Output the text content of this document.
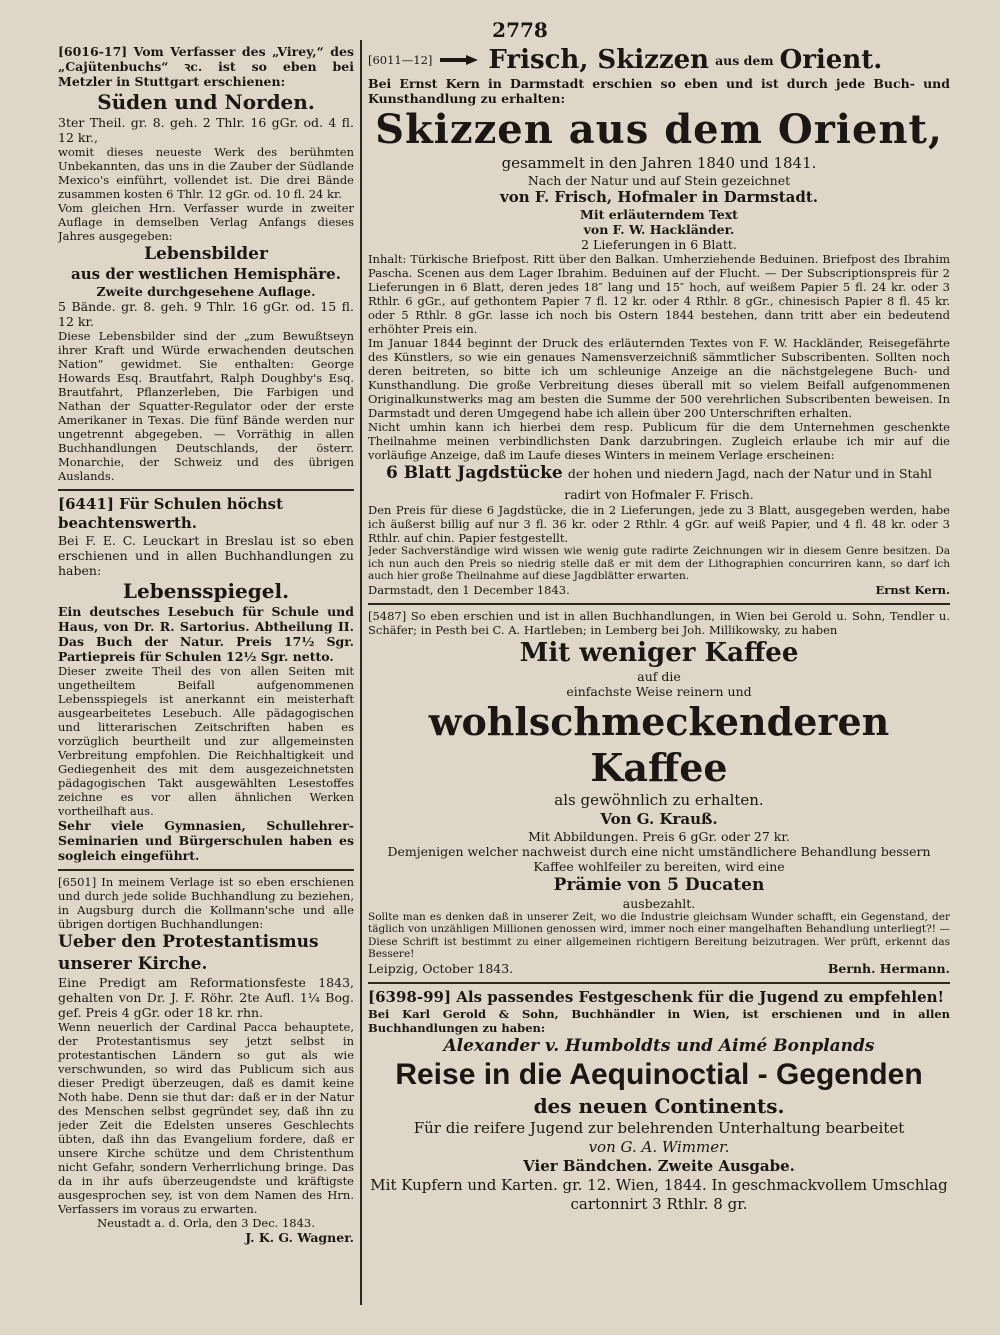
2778

[6016-17] Vom Verfasser des „Virey,“ des „Cajütenbuchs“ ꝛc. ist so eben bei Metzler in Stuttgart erschienen:

Süden und Norden.

3ter Theil. gr. 8. geh. 2 Thlr. 16 gGr. od. 4 fl. 12 kr.,

womit dieses neueste Werk des berühmten Unbekannten, das uns in die Zauber der Südlande Mexico's einführt, vollendet ist. Die drei Bände zusammen kosten 6 Thlr. 12 gGr. od. 10 fl. 24 kr.

Vom gleichen Hrn. Verfasser wurde in zweiter Auflage in demselben Verlag Anfangs dieses Jahres ausgegeben:

Lebensbilder

aus der westlichen Hemisphäre.

Zweite durchgesehene Auflage.

5 Bände. gr. 8. geh. 9 Thlr. 16 gGr. od. 15 fl. 12 kr.

Diese Lebensbilder sind der „zum Bewußtseyn ihrer Kraft und Würde erwachenden deutschen Nation“ gewidmet. Sie enthalten: George Howards Esq. Brautfahrt, Ralph Doughby's Esq. Brautfahrt, Pflanzerleben, Die Farbigen und Nathan der Squatter-Regulator oder der erste Amerikaner in Texas. Die fünf Bände werden nur ungetrennt abgegeben. — Vorräthig in allen Buchhandlungen Deutschlands, der österr. Monarchie, der Schweiz und des übrigen Auslands.

[6441] Für Schulen höchst beachtenswerth.

Bei F. E. C. Leuckart in Breslau ist so eben erschienen und in allen Buchhandlungen zu haben:

Lebensspiegel.

Ein deutsches Lesebuch für Schule und Haus, von Dr. R. Sartorius. Abtheilung II. Das Buch der Natur. Preis 17½ Sgr. Partiepreis für Schulen 12½ Sgr. netto.

Dieser zweite Theil des von allen Seiten mit ungetheiltem Beifall aufgenommenen Lebensspiegels ist anerkannt ein meisterhaft ausgearbeitetes Lesebuch. Alle pädagogischen und litterarischen Zeitschriften haben es vorzüglich beurtheilt und zur allgemeinsten Verbreitung empfohlen. Die Reichhaltigkeit und Gediegenheit des mit dem ausgezeichnetsten pädagogischen Takt ausgewählten Lesestoffes zeichne es vor allen ähnlichen Werken vortheilhaft aus.

Sehr viele Gymnasien, Schullehrer-Seminarien und Bürgerschulen haben es sogleich eingeführt.

[6501] In meinem Verlage ist so eben erschienen und durch jede solide Buchhandlung zu beziehen, in Augsburg durch die Kollmann'sche und alle übrigen dortigen Buchhandlungen:

Ueber den Protestantismus unserer Kirche.

Eine Predigt am Reformationsfeste 1843, gehalten von Dr. J. F. Röhr. 2te Aufl. 1¼ Bog. gef. Preis 4 gGr. oder 18 kr. rhn.

Wenn neuerlich der Cardinal Pacca behauptete, der Protestantismus sey jetzt selbst in protestantischen Ländern so gut als wie verschwunden, so wird das Publicum sich aus dieser Predigt überzeugen, daß es damit keine Noth habe. Denn sie thut dar: daß er in der Natur des Menschen selbst gegründet sey, daß ihn zu jeder Zeit die Edelsten unseres Geschlechts übten, daß ihn das Evangelium fordere, daß er unsere Kirche schütze und dem Christenthum nicht Gefahr, sondern Verherrlichung bringe. Das da in ihr aufs überzeugendste und kräftigste ausgesprochen sey, ist von dem Namen des Hrn. Verfassers im voraus zu erwarten.

Neustadt a. d. Orla, den 3 Dec. 1843.

J. K. G. Wagner.

[6011—12] Frisch, Skizzen aus dem Orient.

Bei Ernst Kern in Darmstadt erschien so eben und ist durch jede Buch- und Kunsthandlung zu erhalten:

Skizzen aus dem Orient,

gesammelt in den Jahren 1840 und 1841.

Nach der Natur und auf Stein gezeichnet

von F. Frisch, Hofmaler in Darmstadt.

Mit erläuterndem Text

von F. W. Hackländer.

2 Lieferungen in 6 Blatt.

Inhalt: Türkische Briefpost. Ritt über den Balkan. Umherziehende Beduinen. Briefpost des Ibrahim Pascha. Scenen aus dem Lager Ibrahim. Beduinen auf der Flucht. — Der Subscriptionspreis für 2 Lieferungen in 6 Blatt, deren jedes 18″ lang und 15″ hoch, auf weißem Papier 5 fl. 24 kr. oder 3 Rthlr. 6 gGr., auf gethontem Papier 7 fl. 12 kr. oder 4 Rthlr. 8 gGr., chinesisch Papier 8 fl. 45 kr. oder 5 Rthlr. 8 gGr. lasse ich noch bis Ostern 1844 bestehen, dann tritt aber ein bedeutend erhöhter Preis ein.

Im Januar 1844 beginnt der Druck des erläuternden Textes von F. W. Hackländer, Reisegefährte des Künstlers, so wie ein genaues Namensverzeichniß sämmtlicher Subscribenten. Sollten noch deren beitreten, so bitte ich um schleunige Anzeige an die nächstgelegene Buch- und Kunsthandlung. Die große Verbreitung dieses überall mit so vielem Beifall aufgenommenen Originalkunstwerks mag am besten die Summe der 500 verehrlichen Subscribenten beweisen. In Darmstadt und deren Umgegend habe ich allein über 200 Unterschriften erhalten.

Nicht umhin kann ich hierbei dem resp. Publicum für die dem Unternehmen geschenkte Theilnahme meinen verbindlichsten Dank darzubringen. Zugleich erlaube ich mir auf die vorläufige Anzeige, daß im Laufe dieses Winters in meinem Verlage erscheinen:

6 Blatt Jagdstücke der hohen und niedern Jagd, nach der Natur und in Stahl radirt von Hofmaler F. Frisch.

Den Preis für diese 6 Jagdstücke, die in 2 Lieferungen, jede zu 3 Blatt, ausgegeben werden, habe ich äußerst billig auf nur 3 fl. 36 kr. oder 2 Rthlr. 4 gGr. auf weiß Papier, und 4 fl. 48 kr. oder 3 Rthlr. auf chin. Papier festgestellt.

Jeder Sachverständige wird wissen wie wenig gute radirte Zeichnungen wir in diesem Genre besitzen. Da ich nun auch den Preis so niedrig stelle daß er mit dem der Lithographien concurriren kann, so darf ich auch hier große Theilnahme auf diese Jagdblätter erwarten.

Darmstadt, den 1 December 1843.	Ernst Kern.

[5487] So eben erschien und ist in allen Buchhandlungen, in Wien bei Gerold u. Sohn, Tendler u. Schäfer; in Pesth bei C. A. Hartleben; in Lemberg bei Joh. Millikowsky, zu haben

Mit weniger Kaffee

auf die

einfachste Weise reinern und

wohlschmeckenderen Kaffee

als gewöhnlich zu erhalten.

Von G. Krauß.

Mit Abbildungen. Preis 6 gGr. oder 27 kr.

Demjenigen welcher nachweist durch eine nicht umständlichere Behandlung bessern Kaffee wohlfeiler zu bereiten, wird eine

Prämie von 5 Ducaten

ausbezahlt.

Sollte man es denken daß in unserer Zeit, wo die Industrie gleichsam Wunder schafft, ein Gegenstand, der täglich von unzähligen Millionen genossen wird, immer noch einer mangelhaften Behandlung unterliegt?! — Diese Schrift ist bestimmt zu einer allgemeinen richtigern Bereitung beizutragen. Wer prüft, erkennt das Bessere!

Leipzig, October 1843.	Bernh. Hermann.

[6398-99] Als passendes Festgeschenk für die Jugend zu empfehlen!

Bei Karl Gerold & Sohn, Buchhändler in Wien, ist erschienen und in allen Buchhandlungen zu haben:

Alexander v. Humboldts und Aimé Bonplands

Reise in die Aequinoctial - Gegenden

des neuen Continents.

Für die reifere Jugend zur belehrenden Unterhaltung bearbeitet

von G. A. Wimmer.

Vier Bändchen. Zweite Ausgabe.

Mit Kupfern und Karten. gr. 12. Wien, 1844. In geschmackvollem Umschlag cartonnirt 3 Rthlr. 8 gr.
